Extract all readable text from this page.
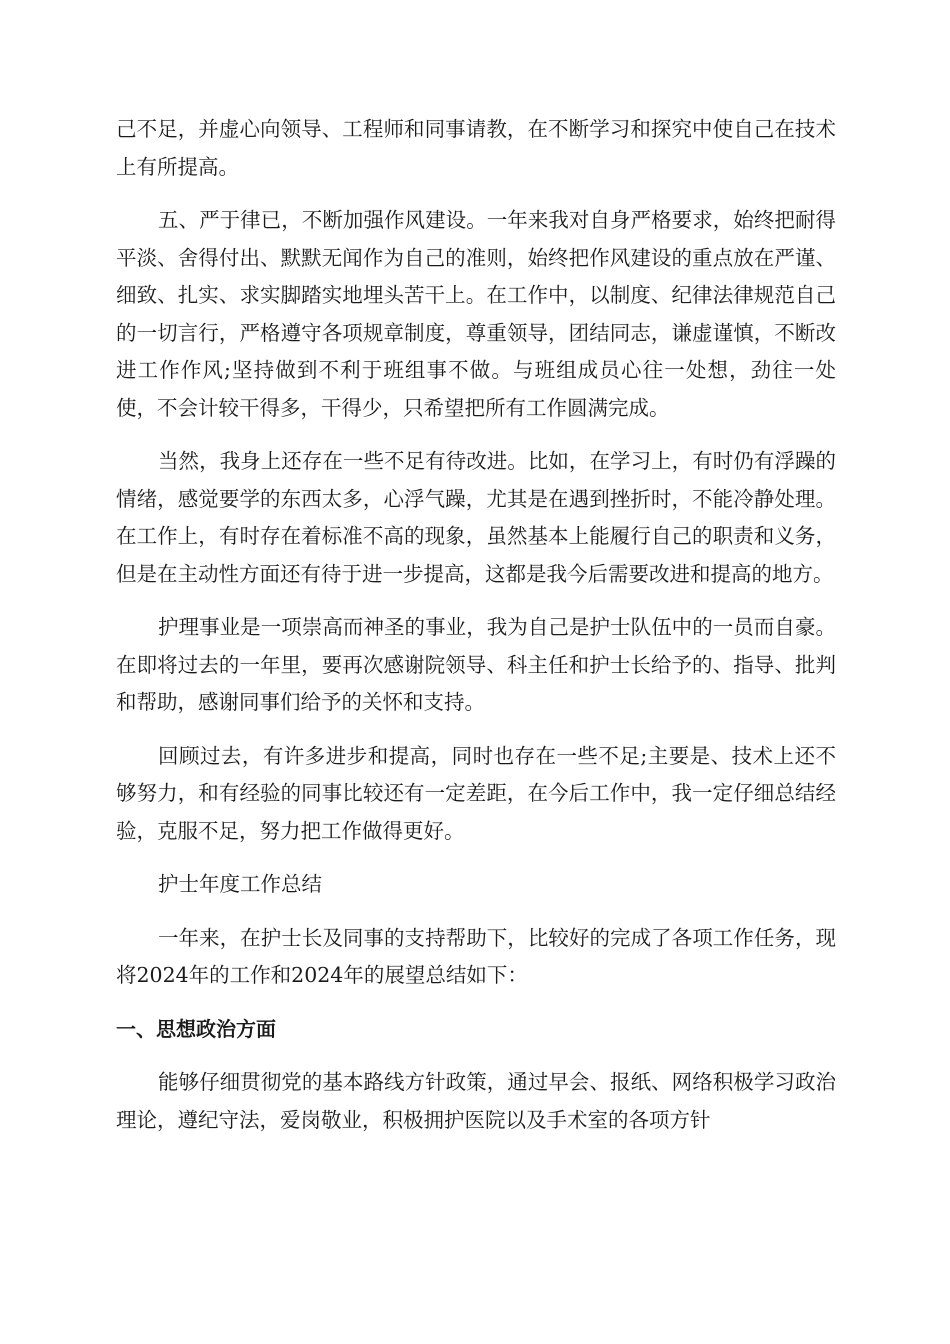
己不足，并虚心向领导、工程师和同事请教，在不断学习和探究中使自己在技术上有所提高。

五、严于律已，不断加强作风建设。一年来我对自身严格要求，始终把耐得平淡、舍得付出、默默无闻作为自己的准则，始终把作风建设的重点放在严谨、细致、扎实、求实脚踏实地埋头苦干上。在工作中，以制度、纪律法律规范自己的一切言行，严格遵守各项规章制度，尊重领导，团结同志，谦虚谨慎，不断改进工作作风;坚持做到不利于班组事不做。与班组成员心往一处想，劲往一处使，不会计较干得多，干得少，只希望把所有工作圆满完成。

当然，我身上还存在一些不足有待改进。比如，在学习上，有时仍有浮躁的情绪，感觉要学的东西太多，心浮气躁，尤其是在遇到挫折时，不能冷静处理。在工作上，有时存在着标准不高的现象，虽然基本上能履行自己的职责和义务，但是在主动性方面还有待于进一步提高，这都是我今后需要改进和提高的地方。

护理事业是一项崇高而神圣的事业，我为自己是护士队伍中的一员而自豪。在即将过去的一年里，要再次感谢院领导、科主任和护士长给予的、指导、批判和帮助，感谢同事们给予的关怀和支持。

回顾过去，有许多进步和提高，同时也存在一些不足;主要是、技术上还不够努力，和有经验的同事比较还有一定差距，在今后工作中，我一定仔细总结经验，克服不足，努力把工作做得更好。

护士年度工作总结

一年来，在护士长及同事的支持帮助下，比较好的完成了各项工作任务，现将2024年的工作和2024年的展望总结如下：

一、思想政治方面

能够仔细贯彻党的基本路线方针政策，通过早会、报纸、网络积极学习政治理论，遵纪守法，爱岗敬业，积极拥护医院以及手术室的各项方针
